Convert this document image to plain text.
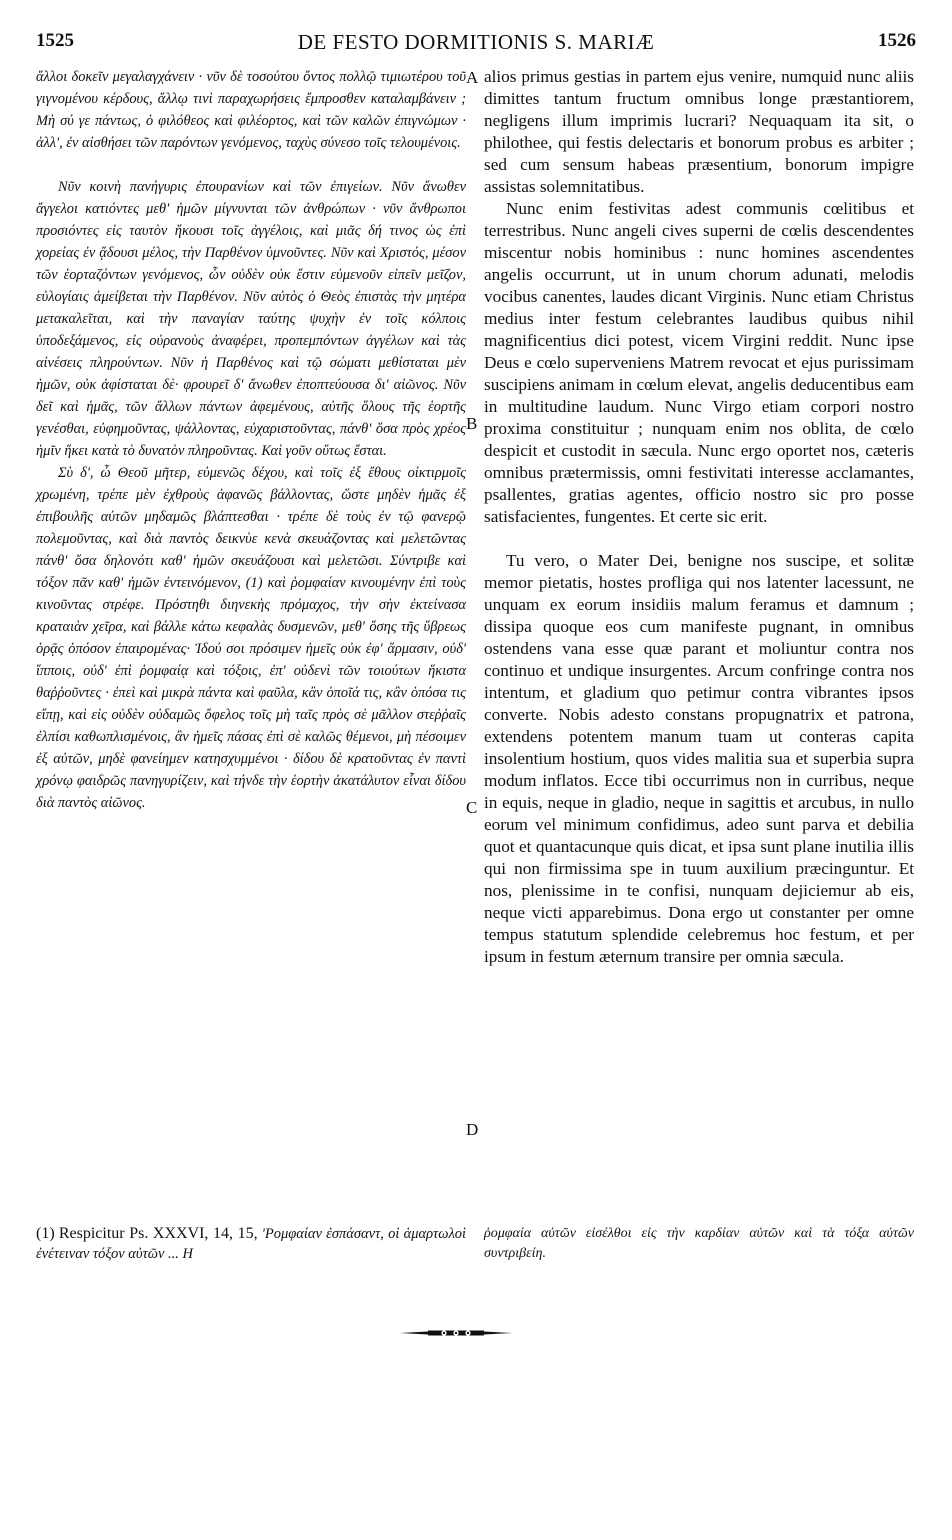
1525	DE FESTO DORMITIONIS S. MARIÆ	1526

ἄλλοι δοκεῖν μεγαλαγχάνειν · νῦν δὲ τοσούτου ὄντος πολλῷ τιμιωτέρου τοῦ γιγνομένου κέρδους, ἄλλῳ τινὶ παραχωρήσεις ἔμπροσθεν καταλαμβάνειν ; Μὴ σύ γε πάντως, ὁ φιλόθεος καὶ φιλέορτος, καὶ τῶν καλῶν ἐπιγνώμων · ἀλλ', ἐν αἰσθήσει τῶν παρόντων γενόμενος, ταχὺς σύνεσο τοῖς τελουμένοις.

Νῦν κοινὴ πανήγυρις ἐπουρανίων καὶ τῶν ἐπιγείων. Νῦν ἄνωθεν ἄγγελοι κατιόντες μεθ' ἡμῶν μίγνυνται τῶν ἀνθρώπων · νῦν ἄνθρωποι προσιόντες εἰς ταυτὸν ἥκουσι τοῖς ἀγγέλοις, καὶ μιᾶς δή τινος ὡς ἐπὶ χορείας ἐν ᾄδουσι μέλος, τὴν Παρθένον ὑμνοῦντες. Νῦν καὶ Χριστός, μέσον τῶν ἑορταζόντων γενόμενος, ὧν οὐδὲν οὐκ ἔστιν εὐμενοῦν εἰπεῖν μεῖζον, εὐλογίαις ἀμείβεται τὴν Παρθένον. Νῦν αὐτὸς ὁ Θεὸς ἐπιστὰς τὴν μητέρα μετακαλεῖται, καὶ τὴν παναγίαν ταύτης ψυχὴν ἐν τοῖς κόλποις ὑποδεξάμενος, εἰς οὐρανοὺς ἀναφέρει, προπεμπόντων ἀγγέλων καὶ τὰς αἰνέσεις πληρούντων. Νῦν ἡ Παρθένος καὶ τῷ σώματι μεθίσταται μὲν ἡμῶν, οὐκ ἀφίσταται δὲ· φρουρεῖ δ' ἄνωθεν ἐποπτεύουσα δι' αἰῶνος. Νῦν δεῖ καὶ ἡμᾶς, τῶν ἄλλων πάντων ἀφεμένους, αὐτῆς ὅλους τῆς ἑορτῆς γενέσθαι, εὐφημοῦντας, ψάλλοντας, εὐχαριστοῦντας, πάνθ' ὅσα πρὸς χρέος ἡμῖν ἥκει κατὰ τὸ δυνατὸν πληροῦντας. Καὶ γοῦν οὕτως ἔσται.

Σὺ δ', ὦ Θεοῦ μῆτερ, εὐμενῶς δέχου, καὶ τοῖς ἐξ ἔθους οἰκτιρμοῖς χρωμένη, τρέπε μὲν ἐχθροὺς ἀφανῶς βάλλοντας, ὥστε μηδὲν ἡμᾶς ἐξ ἐπιβουλῆς αὐτῶν μηδαμῶς βλάπτεσθαι · τρέπε δὲ τοὺς ἐν τῷ φανερῷ πολεμοῦντας, καὶ διὰ παντὸς δεικνὺε κενὰ σκευάζοντας καὶ μελετῶντας πάνθ' ὅσα δηλονότι καθ' ἡμῶν σκευάζουσι καὶ μελετῶσι. Σύντριβε καὶ τόξον πᾶν καθ' ἡμῶν ἐντεινόμενον, (1) καὶ ῥομφαίαν κινουμένην ἐπὶ τοὺς κινοῦντας στρέφε. Πρόστηθι διηνεκὴς πρόμαχος, τὴν σὴν ἐκτείνασα κραταιὰν χεῖρα, καὶ βάλλε κάτω κεφαλὰς δυσμενῶν, μεθ' ὅσης τῆς ὕβρεως ὁρᾷς ὁπόσον ἐπαιρομένας· Ἰδού σοι πρόσιμεν ἡμεῖς οὐκ ἐφ' ἅρμασιν, οὐδ' ἵπποις, οὐδ' ἐπὶ ῥομφαίᾳ καὶ τόξοις, ἐπ' οὐδενὶ τῶν τοιούτων ἥκιστα θαῤῥοῦντες · ἐπεὶ καὶ μικρὰ πάντα καὶ φαῦλα, κἂν ὁποῖά τις, κἂν ὁπόσα τις εἴπῃ, καὶ εἰς οὐδὲν οὐδαμῶς ὄφελος τοῖς μὴ ταῖς πρὸς σὲ μᾶλλον στεῤῥαῖς ἐλπίσι καθωπλισμένοις, ἂν ἡμεῖς πάσας ἐπὶ σὲ καλῶς θέμενοι, μὴ πέσοιμεν ἐξ αὐτῶν, μηδὲ φανείημεν κατησχυμμένοι · δίδου δὲ κρατοῦντας ἐν παντὶ χρόνῳ φαιδρῶς πανηγυρίζειν, καὶ τήνδε τὴν ἑορτὴν ἀκατάλυτον εἶναι δίδου διὰ παντὸς αἰῶνος.

alios primus gestias in partem ejus venire, numquid nunc aliis dimittes tantum fructum omnibus longe præstantiorem, negligens illum imprimis lucrari? Nequaquam ita sit, o philothee, qui festis delectaris et bonorum probus es arbiter ; sed cum sensum habeas præsentium, bonorum impigre assistas solemnitatibus.

Nunc enim festivitas adest communis cœlitibus et terrestribus. Nunc angeli cives superni de cœlis descendentes miscentur nobis hominibus : nunc homines ascendentes angelis occurrunt, ut in unum chorum adunati, melodis vocibus canentes, laudes dicant Virginis. Nunc etiam Christus medius inter festum celebrantes laudibus quibus nihil magnificentius dici potest, vicem Virgini reddit. Nunc ipse Deus e cœlo superveniens Matrem revocat et ejus purissimam suscipiens animam in cœlum elevat, angelis deducentibus eam in multitudine laudum. Nunc Virgo etiam corpori nostro proxima constituitur ; nunquam enim nos oblita, de cœlo despicit et custodit in sæcula. Nunc ergo oportet nos, cæteris omnibus prætermissis, omni festivitati interesse acclamantes, psallentes, gratias agentes, officio nostro sic pro posse satisfacientes, fungentes. Et certe sic erit.

Tu vero, o Mater Dei, benigne nos suscipe, et solitæ memor pietatis, hostes profliga qui nos latenter lacessunt, ne unquam ex eorum insidiis malum feramus et damnum ; dissipa quoque eos cum manifeste pugnant, in omnibus ostendens vana esse quæ parant et moliuntur contra nos continuo et undique insurgentes. Arcum confringe contra nos intentum, et gladium quo petimur contra vibrantes ipsos converte. Nobis adesto constans propugnatrix et patrona, extendens potentem manum tuam ut conteras capita insolentium hostium, quos vides malitia sua et superbia supra modum inflatos. Ecce tibi occurrimus non in curribus, neque in equis, neque in gladio, neque in sagittis et arcubus, in nullo eorum vel minimum confidimus, adeo sunt parva et debilia quot et quantacunque quis dicat, et ipsa sunt plane inutilia illis qui non firmissima spe in tuum auxilium præcinguntur. Et nos, plenissime in te confisi, nunquam dejiciemur ab eis, neque victi apparebimus. Dona ergo ut constanter per omne tempus statutum splendide celebremus hoc festum, et per ipsum in festum æternum transire per omnia sæcula.

A
B
C
D
(1) Respicitur Ps. XXXVI, 14, 15, 'Ρομφαίαν ἐσπάσαντ, οἱ ἁμαρτωλοὶ ἐνέτειναν τόξον αὐτῶν ... Η
ῥομφαία αὐτῶν εἰσέλθοι εἰς τὴν καρδίαν αὐτῶν καὶ τὰ τόξα αὐτῶν συντριβείη.
